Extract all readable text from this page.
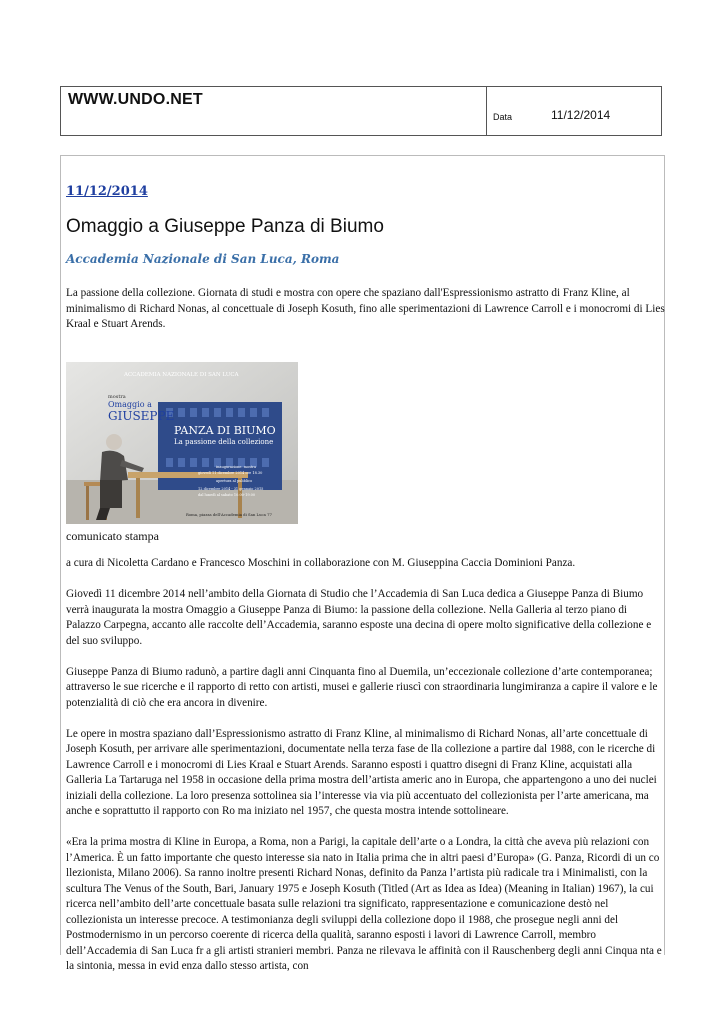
WWW.UNDO.NET
Data	11/12/2014
11/12/2014
Omaggio a Giuseppe Panza di Biumo
Accademia Nazionale di San Luca, Roma
La passione della collezione. Giornata di studi e mostra con opere che spaziano dall'Espressionismo astratto di Franz Kline, al minimalismo di Richard Nonas, al concettuale di Joseph Kosuth, fino alle sperimentazioni di Lawrence Carroll e i monocromi di Lies Kraal e Stuart Arends.
ACCADEMIA NAZIONALE DI SAN LUCA
mostra
Omaggio a
GIUSEPPE
PANZA DI BIUMO
La passione della collezione
inaugurazione: mostra
giovedì 11 dicembre 2014 ore 18.30
apertura al pubblico
12 dicembre 2014 - 31 gennaio 2015
dal lunedì al sabato 10.00-19.00
Roma, piazza dell'Accademia di San Luca 77
comunicato stampa

a cura di Nicoletta Cardano e Francesco Moschini in collaborazione con M. Giuseppina Caccia Dominioni Panza.

Giovedì 11 dicembre 2014 nell’ambito della Giornata di Studio che l’Accademia di San Luca dedica a Giuseppe Panza di Biumo verrà inaugurata la mostra Omaggio a Giuseppe Panza di Biumo: la passione della collezione. Nella Galleria al terzo piano di Palazzo Carpegna, accanto alle raccolte dell’Accademia, saranno esposte una decina di opere molto significative della collezione e del suo sviluppo.

Giuseppe Panza di Biumo radunò, a partire dagli anni Cinquanta fino al Duemila, un’eccezionale collezione d’arte contemporanea; attraverso le sue ricerche e il rapporto di retto con artisti, musei e gallerie riuscì con straordinaria lungimiranza a capire il valore e le potenzialità di ciò che era ancora in divenire.

Le opere in mostra spaziano dall’Espressionismo astratto di Franz Kline, al minimalismo di Richard Nonas, all’arte concettuale di Joseph Kosuth, per arrivare alle sperimentazioni, documentate nella terza fase de lla collezione a partire dal 1988, con le ricerche di Lawrence Carroll e i monocromi di Lies Kraal e Stuart Arends. Saranno esposti i quattro disegni di Franz Kline, acquistati alla Galleria La Tartaruga nel 1958 in occasione della prima mostra dell’artista americ ano in Europa, che appartengono a uno dei nuclei iniziali della collezione. La loro presenza sottolinea sia l’interesse via via più accentuato del collezionista per l’arte americana, ma anche e soprattutto il rapporto con Ro ma iniziato nel 1957, che questa mostra intende sottolineare.

«Era la prima mostra di Kline in Europa, a Roma, non a Parigi, la capitale dell’arte o a Londra, la città che aveva più relazioni con l’America. È un fatto importante che questo interesse sia nato in Italia prima che in altri paesi d’Europa» (G. Panza, Ricordi di un co llezionista, Milano 2006). Sa ranno inoltre presenti Richard Nonas, definito da Panza l’artista più radicale tra i Minimalisti, con la scultura The Venus of the South, Bari, January 1975 e Joseph Kosuth (Titled (Art as Idea as Idea) (Meaning in Italian) 1967), la cui ricerca nell’ambito dell’arte concettuale basata sulle relazioni tra significato, rappresentazione e comunicazione destò nel collezionista un interesse precoce. A testimonianza degli sviluppi della collezione dopo il 1988, che prosegue negli anni del Postmodernismo in un percorso coerente di ricerca della qualità, saranno esposti i lavori di Lawrence Carroll, membro dell’Accademia di San Luca fr a gli artisti stranieri membri. Panza ne rilevava le affinità con il Rauschenberg degli anni Cinqua nta e la sintonia, messa in evid enza dallo stesso artista, con
